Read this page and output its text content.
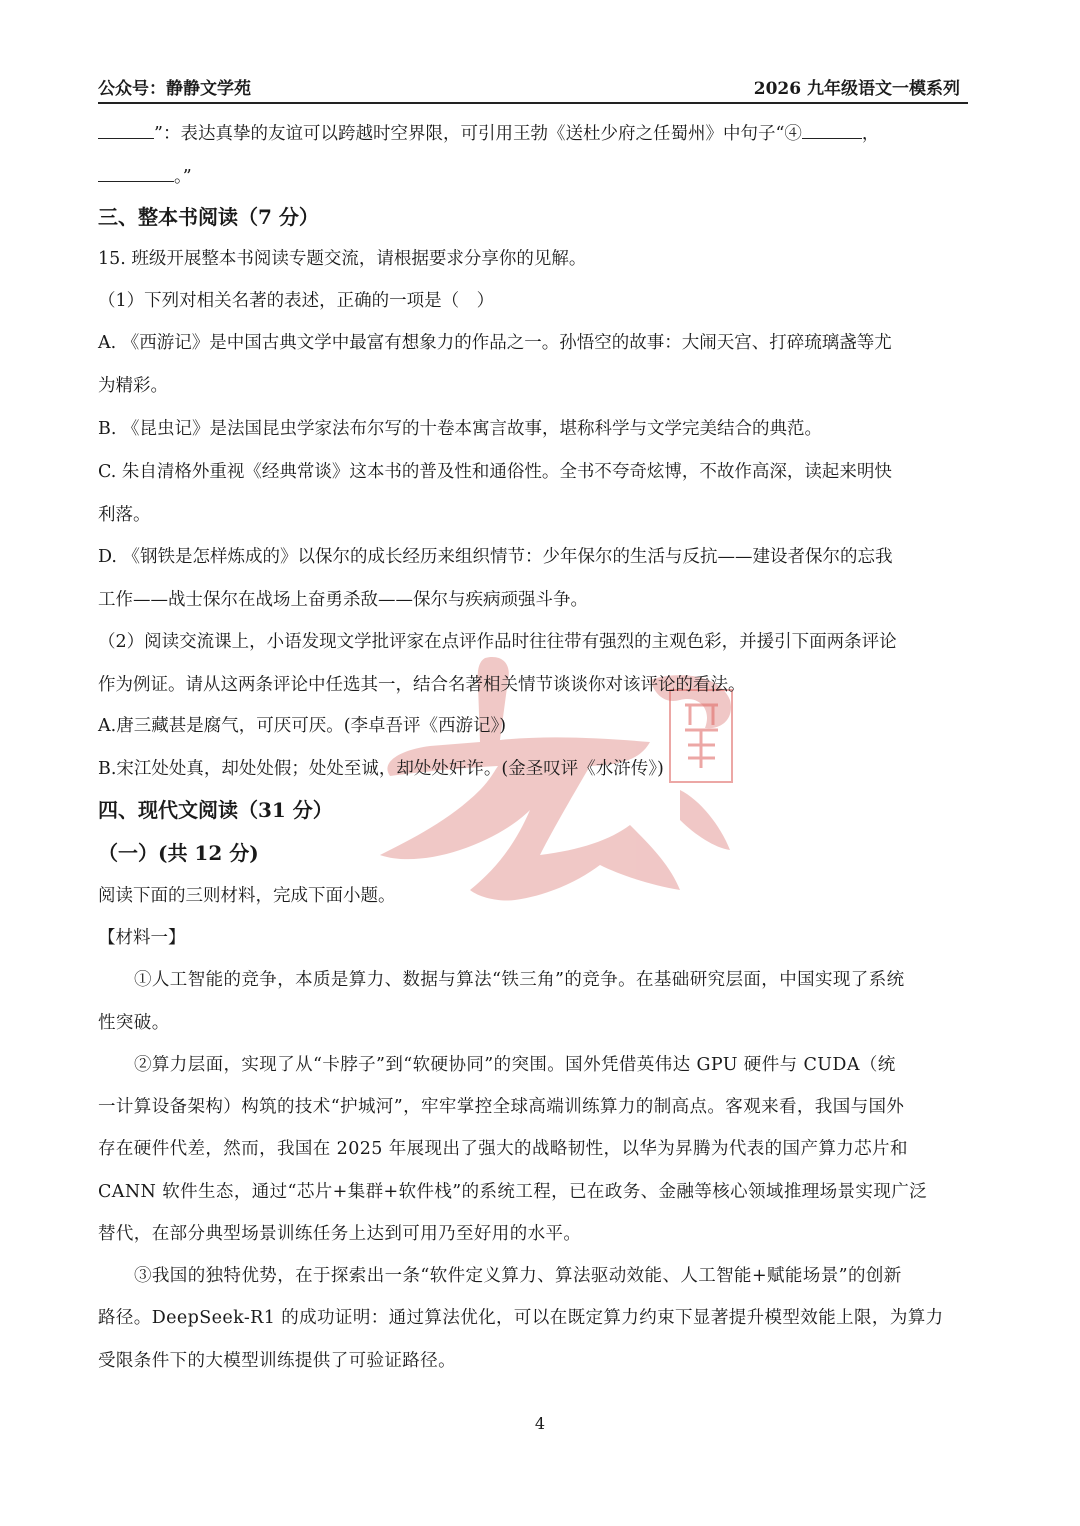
公众号：静静文学苑	2026 九年级语文一模系列
”：表达真挚的友谊可以跨越时空界限，可引用王勃《送杜少府之任蜀州》中句子“④	，
。”
三、整本书阅读（7 分）
15. 班级开展整本书阅读专题交流，请根据要求分享你的见解。
（1）下列对相关名著的表述，正确的一项是（　）
A. 《西游记》是中国古典文学中最富有想象力的作品之一。孙悟空的故事：大闹天宫、打碎琉璃盏等尤
为精彩。
B. 《昆虫记》是法国昆虫学家法布尔写的十卷本寓言故事，堪称科学与文学完美结合的典范。
C. 朱自清格外重视《经典常谈》这本书的普及性和通俗性。全书不夸奇炫博，不故作高深，读起来明快
利落。
D. 《钢铁是怎样炼成的》以保尔的成长经历来组织情节：少年保尔的生活与反抗——建设者保尔的忘我
工作——战士保尔在战场上奋勇杀敌——保尔与疾病顽强斗争。
（2）阅读交流课上，小语发现文学批评家在点评作品时往往带有强烈的主观色彩，并援引下面两条评论
作为例证。请从这两条评论中任选其一，结合名著相关情节谈谈你对该评论的看法。
A.唐三藏甚是腐气，可厌可厌。(李卓吾评《西游记》)
B.宋江处处真，却处处假；处处至诚，却处处奸诈。(金圣叹评《水浒传》)
四、现代文阅读（31 分）
（一）(共 12 分)
阅读下面的三则材料，完成下面小题。
【材料一】
①人工智能的竞争，本质是算力、数据与算法“铁三角”的竞争。在基础研究层面，中国实现了系统
性突破。
②算力层面，实现了从“卡脖子”到“软硬协同”的突围。国外凭借英伟达 GPU 硬件与 CUDA（统
一计算设备架构）构筑的技术“护城河”，牢牢掌控全球高端训练算力的制高点。客观来看，我国与国外
存在硬件代差，然而，我国在 2025 年展现出了强大的战略韧性，以华为昇腾为代表的国产算力芯片和
CANN 软件生态，通过“芯片+集群+软件栈”的系统工程，已在政务、金融等核心领域推理场景实现广泛
替代，在部分典型场景训练任务上达到可用乃至好用的水平。
③我国的独特优势，在于探索出一条“软件定义算力、算法驱动效能、人工智能+赋能场景”的创新
路径。DeepSeek-R1 的成功证明：通过算法优化，可以在既定算力约束下显著提升模型效能上限，为算力
受限条件下的大模型训练提供了可验证路径。
4
